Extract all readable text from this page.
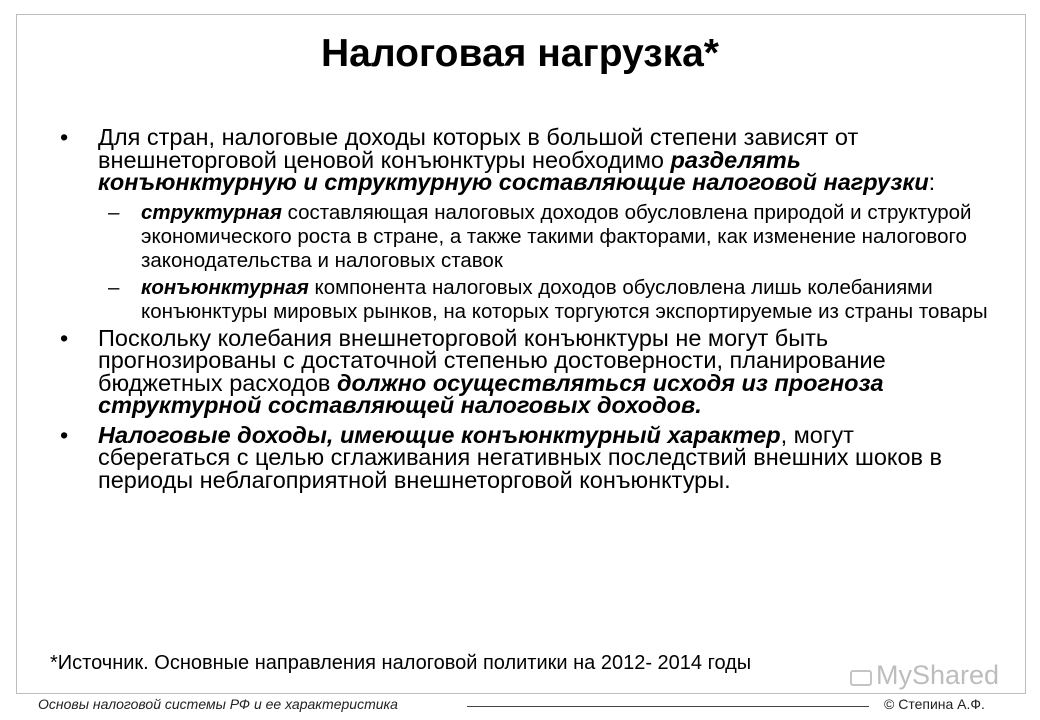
Налоговая нагрузка*
• Для стран, налоговые доходы которых в большой степени зависят от внешнеторговой ценовой конъюнктуры необходимо разделять конъюнктурную и структурную составляющие налоговой нагрузки:
– структурная составляющая налоговых доходов обусловлена природой и структурой экономического роста в стране, а также такими факторами, как изменение налогового законодательства и налоговых ставок
– конъюнктурная компонента налоговых доходов обусловлена лишь колебаниями конъюнктуры мировых рынков, на которых торгуются экспортируемые из страны товары
• Поскольку колебания внешнеторговой конъюнктуры не могут быть прогнозированы с достаточной степенью достоверности, планирование бюджетных расходов должно осуществляться исходя из прогноза структурной составляющей налоговых доходов.
• Налоговые доходы, имеющие конъюнктурный характер, могут сберегаться с целью сглаживания негативных последствий внешних шоков в периоды неблагоприятной внешнеторговой конъюнктуры.
*Источник. Основные направления налоговой политики на 2012- 2014 годы	MyShared
Основы налоговой системы РФ и ее характеристика	© Степина А.Ф.
